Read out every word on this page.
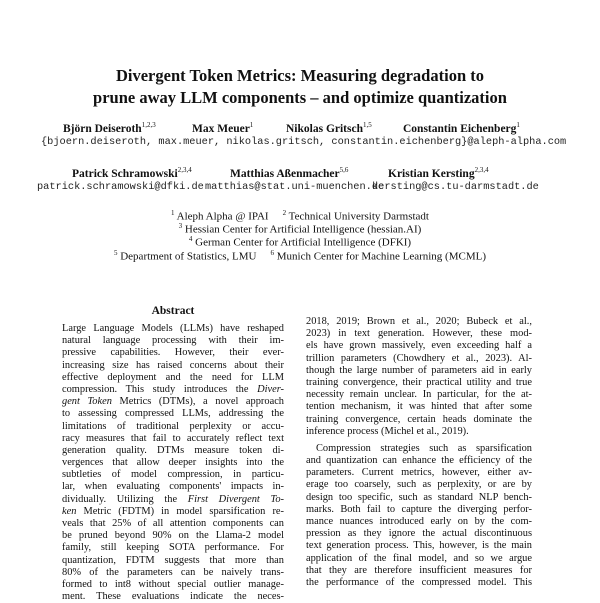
Divergent Token Metrics: Measuring degradation to
prune away LLM components – and optimize quantization
Björn Deiseroth$^{1,2,3}$	Max Meuer$^1$	Nikolas Gritsch$^{1,5}$	Constantin Eichenberg$^1$
{bjoern.deiseroth, max.meuer, nikolas.gritsch, constantin.eichenberg}@aleph-alpha.com
Patrick Schramowski$^{2,3,4}$	Matthias Aßenmacher$^{5,6}$	Kristian Kersting$^{2,3,4}$
patrick.schramowski@dfki.de matthias@stat.uni-muenchen.de
kersting@cs.tu-darmstadt.de
$^1$ Aleph Alpha @ IPAI $^2$ Technical University Darmstadt
$^3$ Hessian Center for Artificial Intelligence (hessian.AI)
$^4$ German Center for Artificial Intelligence (DFKI)
$^5$ Department of Statistics, LMU $^6$ Munich Center for Machine Learning (MCML)
Abstract
Large Language Models (LLMs) have reshaped
natural language processing with their im-
pressive capabilities. However, their ever-
increasing size has raised concerns about their
effective deployment and the need for LLM
compression. This study introduces the Diver-
gent Token Metrics (DTMs), a novel approach
to assessing compressed LLMs, addressing the
limitations of traditional perplexity or accu-
racy measures that fail to accurately reflect text
generation quality. DTMs measure token di-
vergences that allow deeper insights into the
subtleties of model compression, in particu-
lar, when evaluating components' impacts in-
dividually. Utilizing the First Divergent To-
ken Metric (FDTM) in model sparsification re-
veals that 25% of all attention components can
be pruned beyond 90% on the Llama-2 model
family, still keeping SOTA performance. For
quantization, FDTM suggests that more than
80% of the parameters can be naively trans-
formed to int8 without special outlier manage-
ment. These evaluations indicate the neces-
2018, 2019; Brown et al., 2020; Bubeck et al.,
2023) in text generation. However, these mod-
els have grown massively, even exceeding half a
trillion parameters (Chowdhery et al., 2023). Al-
though the large number of parameters aid in early
training convergence, their practical utility and true
necessity remain unclear. In particular, for the at-
tention mechanism, it was hinted that after some
training convergence, certain heads dominate the
inference process (Michel et al., 2019).
Compression strategies such as sparsification
and quantization can enhance the efficiency of the
parameters. Current metrics, however, either av-
erage too coarsely, such as perplexity, or are by
design too specific, such as standard NLP bench-
marks. Both fail to capture the diverging perfor-
mance nuances introduced early on by the com-
pression as they ignore the actual discontinuous
text generation process. This, however, is the main
application of the final model, and so we argue
that they are therefore insufficient measures for
the performance of the compressed model. This
